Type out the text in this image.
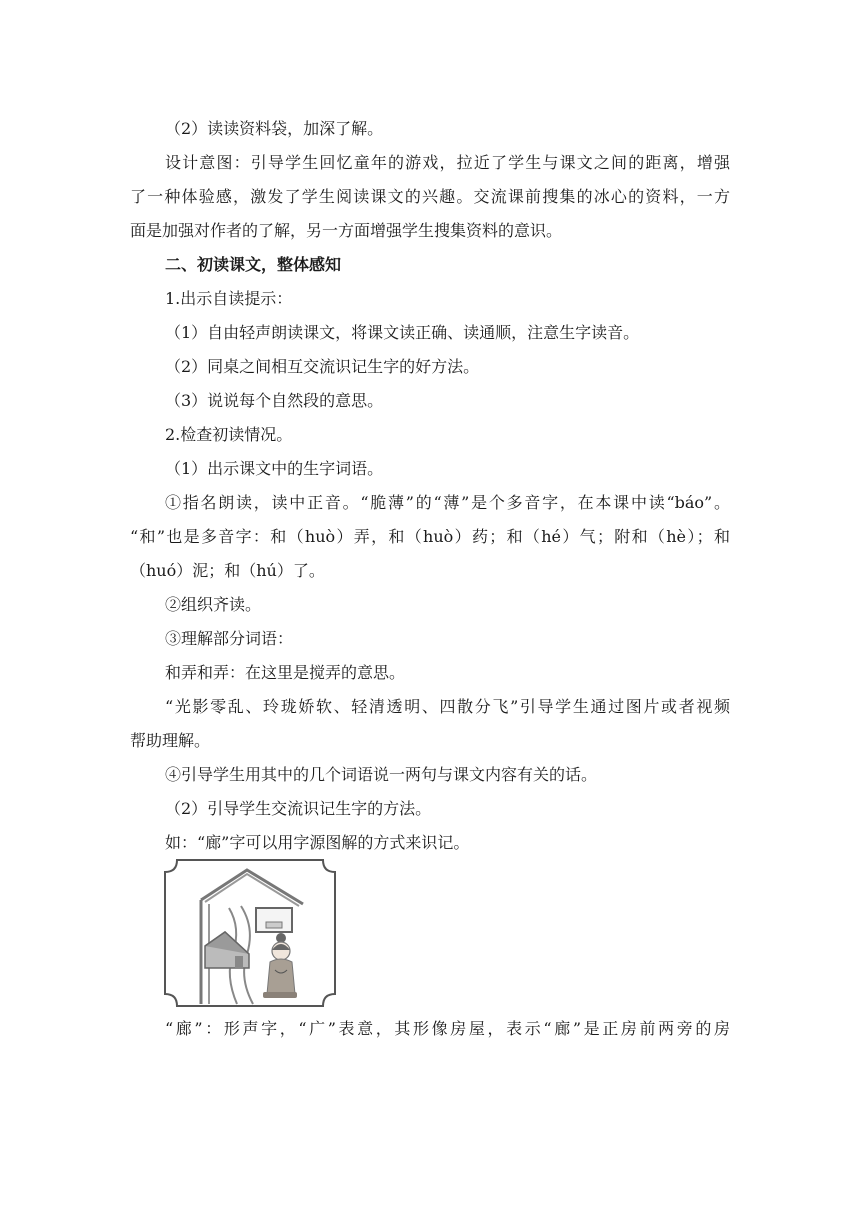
（2）读读资料袋，加深了解。
设计意图：引导学生回忆童年的游戏，拉近了学生与课文之间的距离，增强
了一种体验感，激发了学生阅读课文的兴趣。交流课前搜集的冰心的资料，一方
面是加强对作者的了解，另一方面增强学生搜集资料的意识。
二、初读课文，整体感知
1.出示自读提示：
（1）自由轻声朗读课文，将课文读正确、读通顺，注意生字读音。
（2）同桌之间相互交流识记生字的好方法。
（3）说说每个自然段的意思。
2.检查初读情况。
（1）出示课文中的生字词语。
①指名朗读，读中正音。“脆薄”的“薄”是个多音字，在本课中读“báo”。
“和”也是多音字：和（huò）弄，和（huò）药；和（hé）气；附和（hè）；和
（huó）泥；和（hú）了。
②组织齐读。
③理解部分词语：
和弄和弄：在这里是搅弄的意思。
“光影零乱、玲珑娇软、轻清透明、四散分飞”引导学生通过图片或者视频
帮助理解。
④引导学生用其中的几个词语说一两句与课文内容有关的话。
（2）引导学生交流识记生字的方法。
如：“廊”字可以用字源图解的方式来识记。
“廊”：形声字，“广”表意，其形像房屋，表示“廊”是正房前两旁的房
